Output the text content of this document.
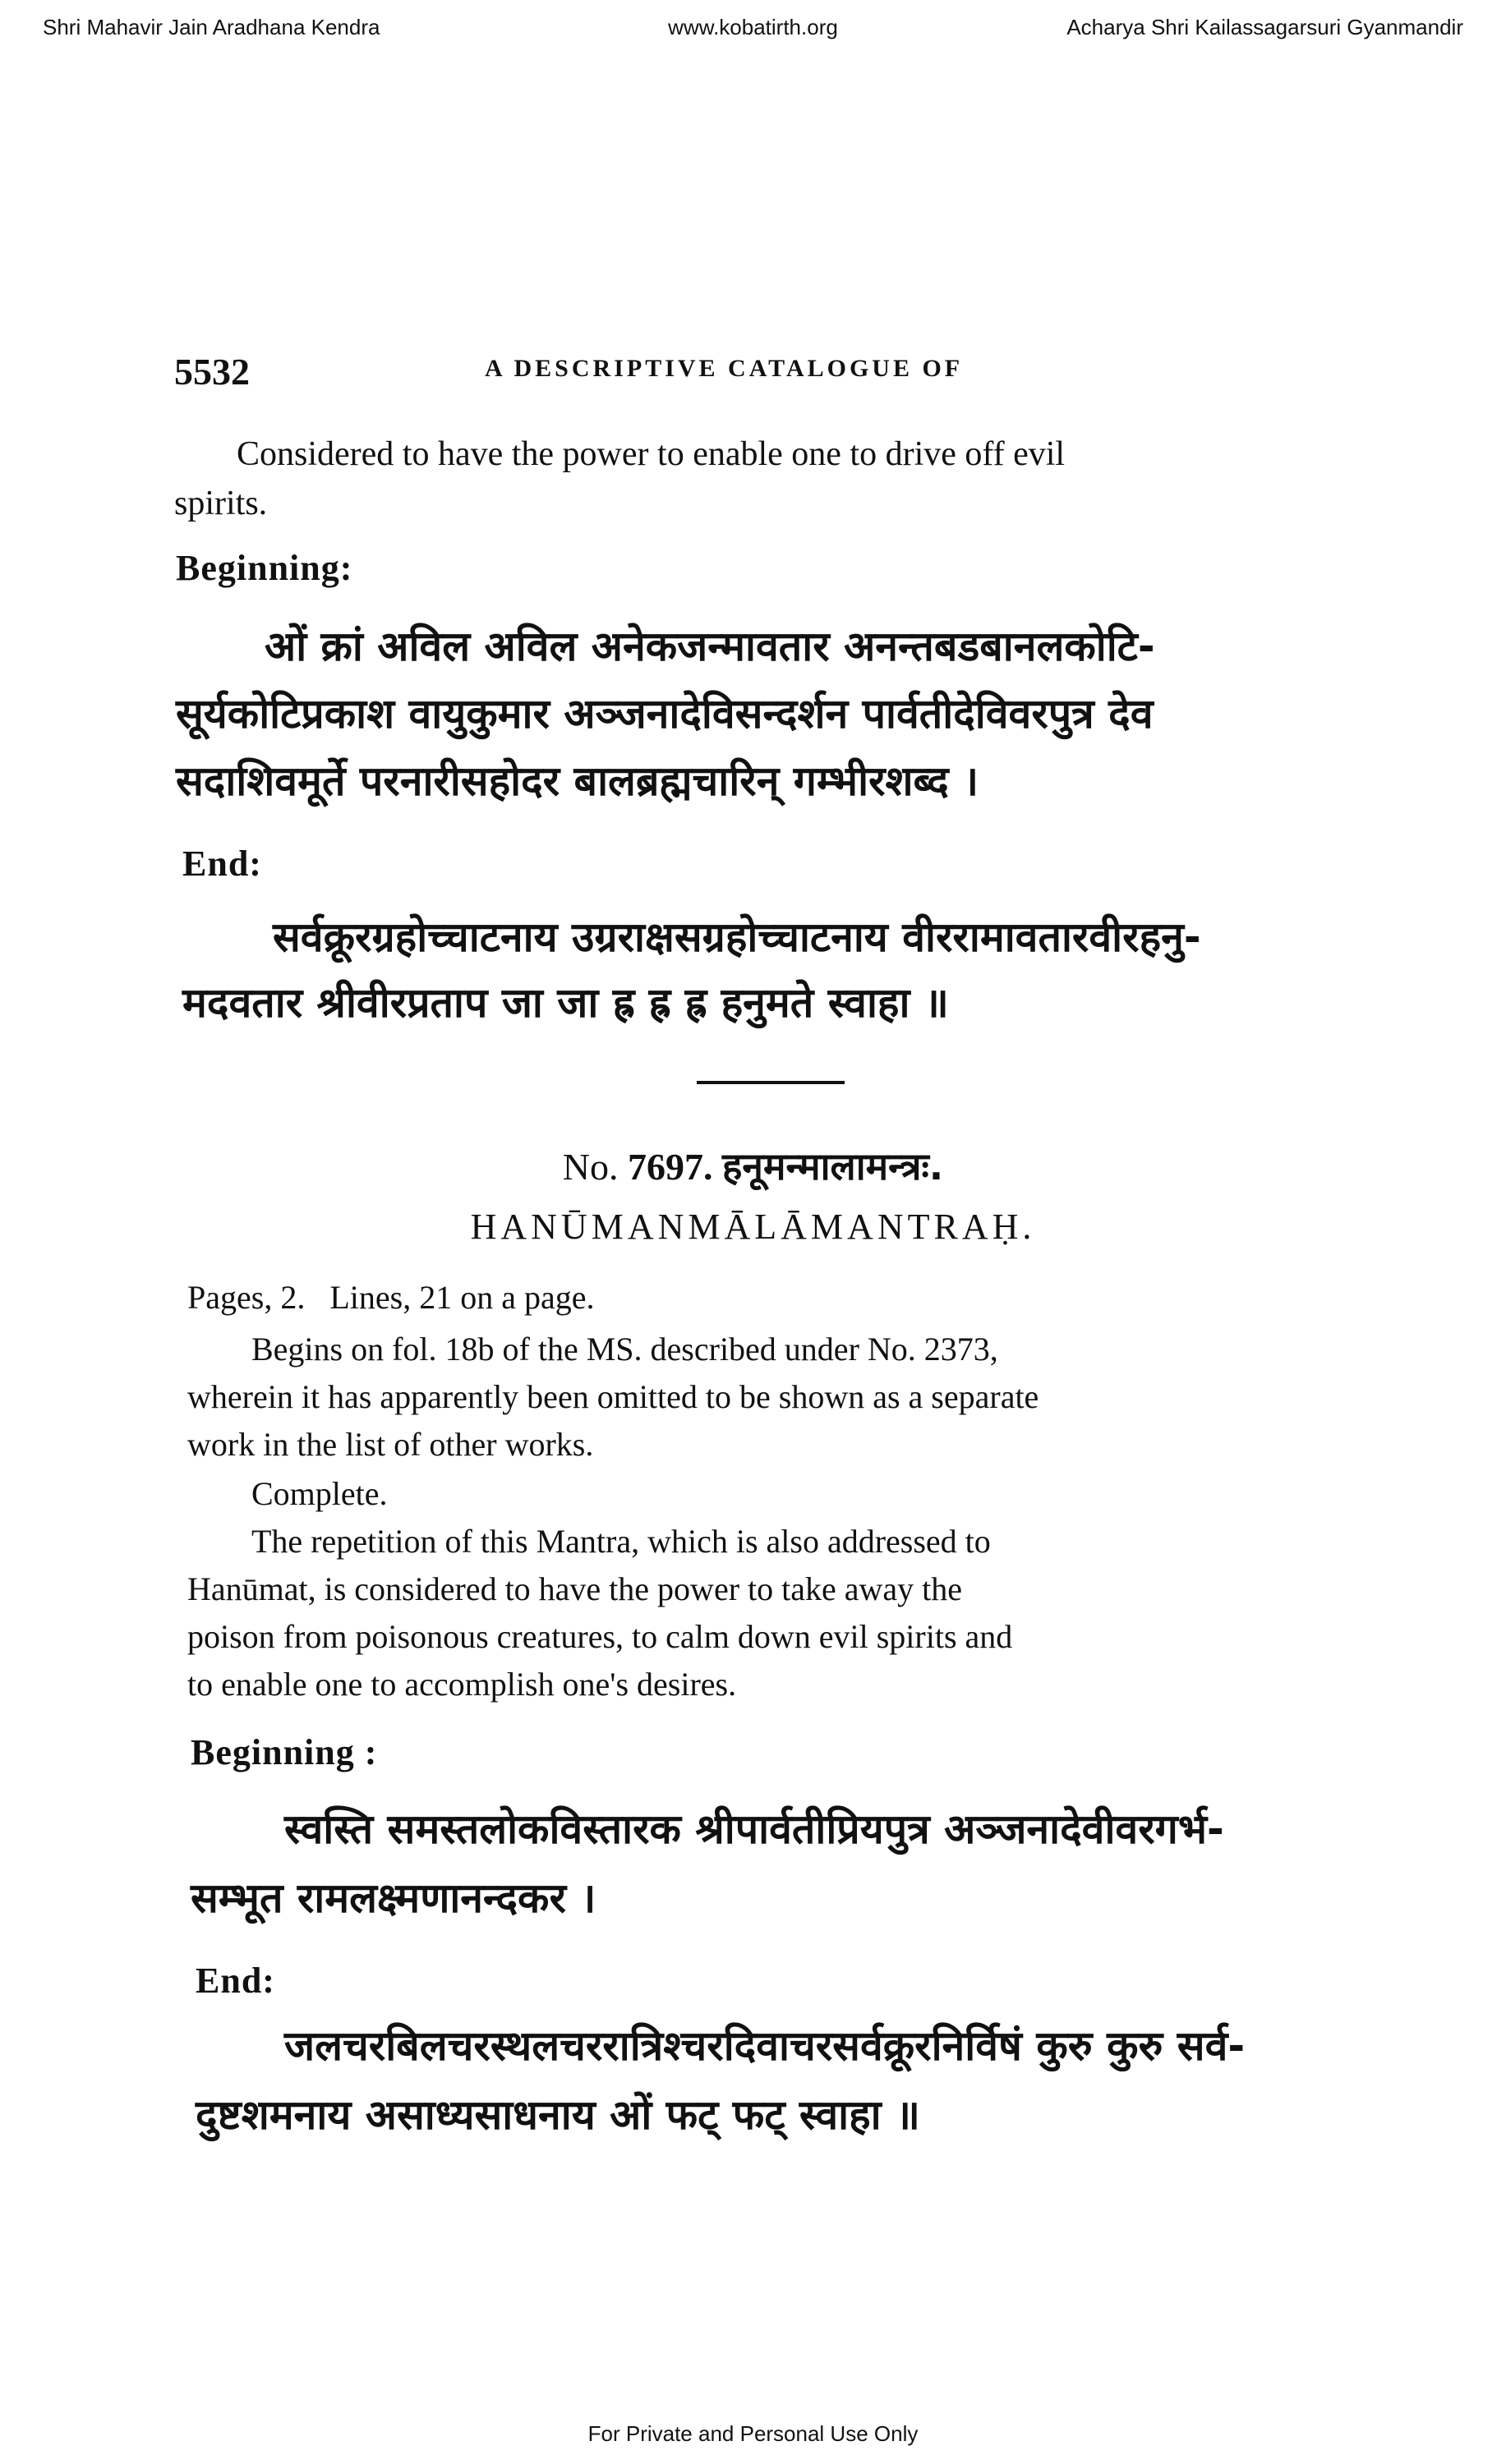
Shri Mahavir Jain Aradhana Kendra	www.kobatirth.org	Acharya Shri Kailassagarsuri Gyanmandir
5532	A DESCRIPTIVE CATALOGUE OF
Considered to have the power to enable one to drive off evil
spirits.
Beginning:
ओं क्रां अविल अविल अनेकजन्मावतार अनन्तबडबानलकोटि-
सूर्यकोटिप्रकाश वायुकुमार अञ्जनादेविसन्दर्शन पार्वतीदेविवरपुत्र देव
सदाशिवमूर्ते परनारीसहोदर बालब्रह्मचारिन् गम्भीरशब्द ।
End:
सर्वक्रूरग्रहोच्चाटनाय उग्रराक्षसग्रहोच्चाटनाय वीररामावतारवीरहनु-
मदवतार श्रीवीरप्रताप जा जा ह्र ह्र ह्र हनुमते स्वाहा ॥
No. 7697. हनूमन्मालामन्त्रः.
HANŪMANMĀLĀMANTRAḤ.
Pages, 2.   Lines, 21 on a page.
Begins on fol. 18b of the MS. described under No. 2373,
wherein it has apparently been omitted to be shown as a separate
work in the list of other works.
Complete.
The repetition of this Mantra, which is also addressed to
Hanūmat, is considered to have the power to take away the
poison from poisonous creatures, to calm down evil spirits and
to enable one to accomplish one's desires.
Beginning :
स्वस्ति समस्तलोकविस्तारक श्रीपार्वतीप्रियपुत्र अञ्जनादेवीवरगर्भ-
सम्भूत रामलक्ष्मणानन्दकर ।
End:
जलचरबिलचरस्थलचररात्रिश्चरदिवाचरसर्वक्रूरनिर्विषं कुरु कुरु सर्व-
दुष्टशमनाय असाध्यसाधनाय ओं फट् फट् स्वाहा ॥
For Private and Personal Use Only
